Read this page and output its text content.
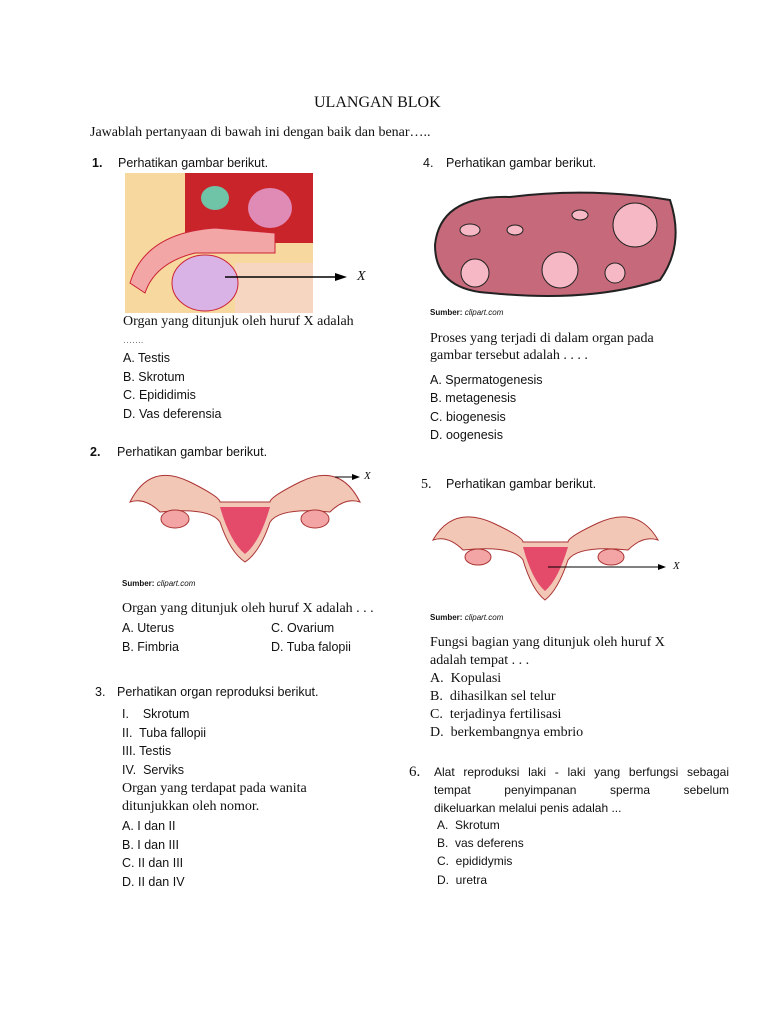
ULANGAN BLOK
Jawablah pertanyaan di bawah ini dengan baik dan benar…..
1. Perhatikan gambar berikut.
X
Organ yang ditunjuk oleh huruf X adalah
…….
A. Testis
B. Skrotum
C. Epididimis
D. Vas deferensia
2. Perhatikan gambar berikut.
X
Sumber: clipart.com
Organ yang ditunjuk oleh huruf X adalah . . .
A. Uterus	C. Ovarium
B. Fimbria	D. Tuba falopii
3. Perhatikan organ reproduksi berikut.
I.    Skrotum
II.  Tuba fallopii
III. Testis
IV.  Serviks
Organ yang terdapat pada wanita
ditunjukkan oleh nomor.
A. I dan II
B. I dan III
C. II dan III
D. II dan IV
4. Perhatikan gambar berikut.
Sumber: clipart.com
Proses yang terjadi di dalam organ pada
gambar tersebut adalah . . . .
A. Spermatogenesis
B. metagenesis
C. biogenesis
D. oogenesis
5. Perhatikan gambar berikut.
X
Sumber: clipart.com
Fungsi bagian yang ditunjuk oleh huruf X
adalah tempat . . .
A.  Kopulasi
B.  dihasilkan sel telur
C.  terjadinya fertilisasi
D.  berkembangnya embrio
6. Alat reproduksi laki - laki yang berfungsi sebagai
tempat penyimpanan sperma sebelum
dikeluarkan melalui penis adalah ...
A.  Skrotum
B.  vas deferens
C.  epididymis
D.  uretra
